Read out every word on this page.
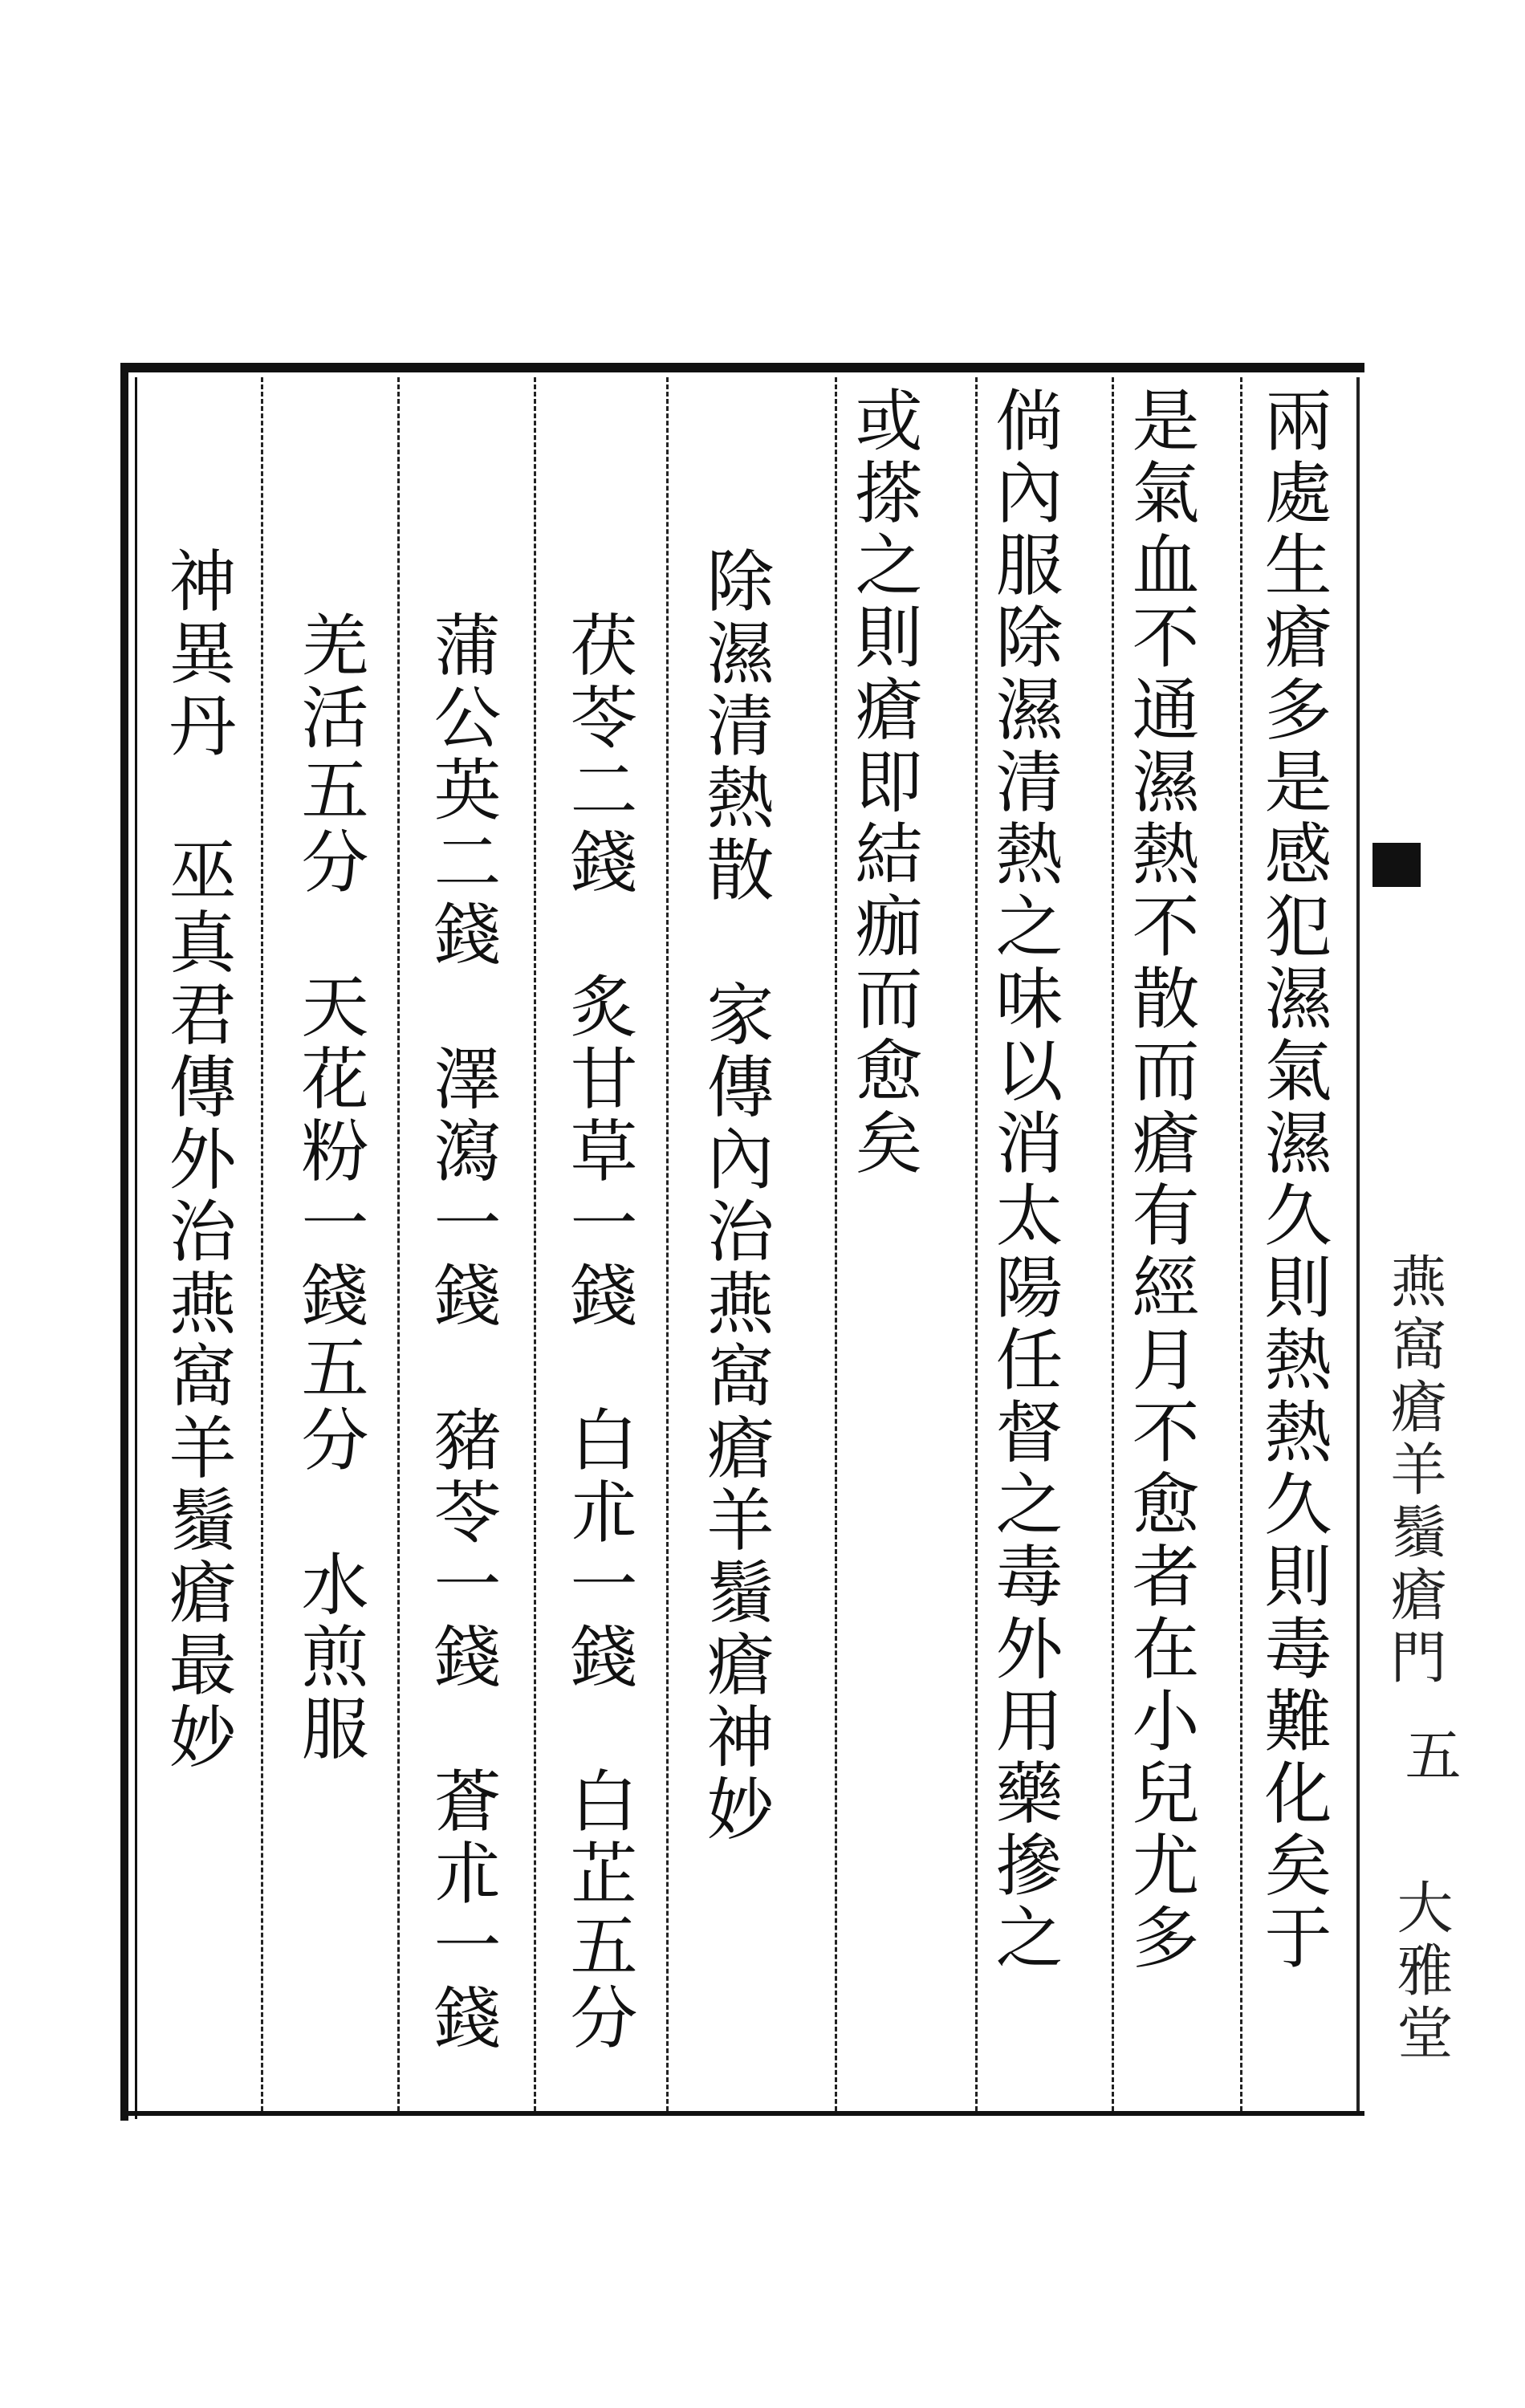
燕窩瘡羊鬚瘡門
五
大雅堂
兩處生瘡多是感犯濕氣濕久則熱熱久則毒難化矣于
是氣血不通濕熱不散而瘡有經月不愈者在小兒尤多
倘內服除濕清熱之味以消太陽任督之毒外用藥摻之
或搽之則瘡即結痂而愈矣
除濕清熱散　家傳內治燕窩瘡羊鬚瘡神妙
茯苓二錢　炙甘草一錢　白朮一錢　白芷五分
蒲公英二錢　澤瀉一錢　豬苓一錢　蒼朮一錢
羌活五分　天花粉一錢五分　水煎服
神異丹　巫真君傳外治燕窩羊鬚瘡最妙
